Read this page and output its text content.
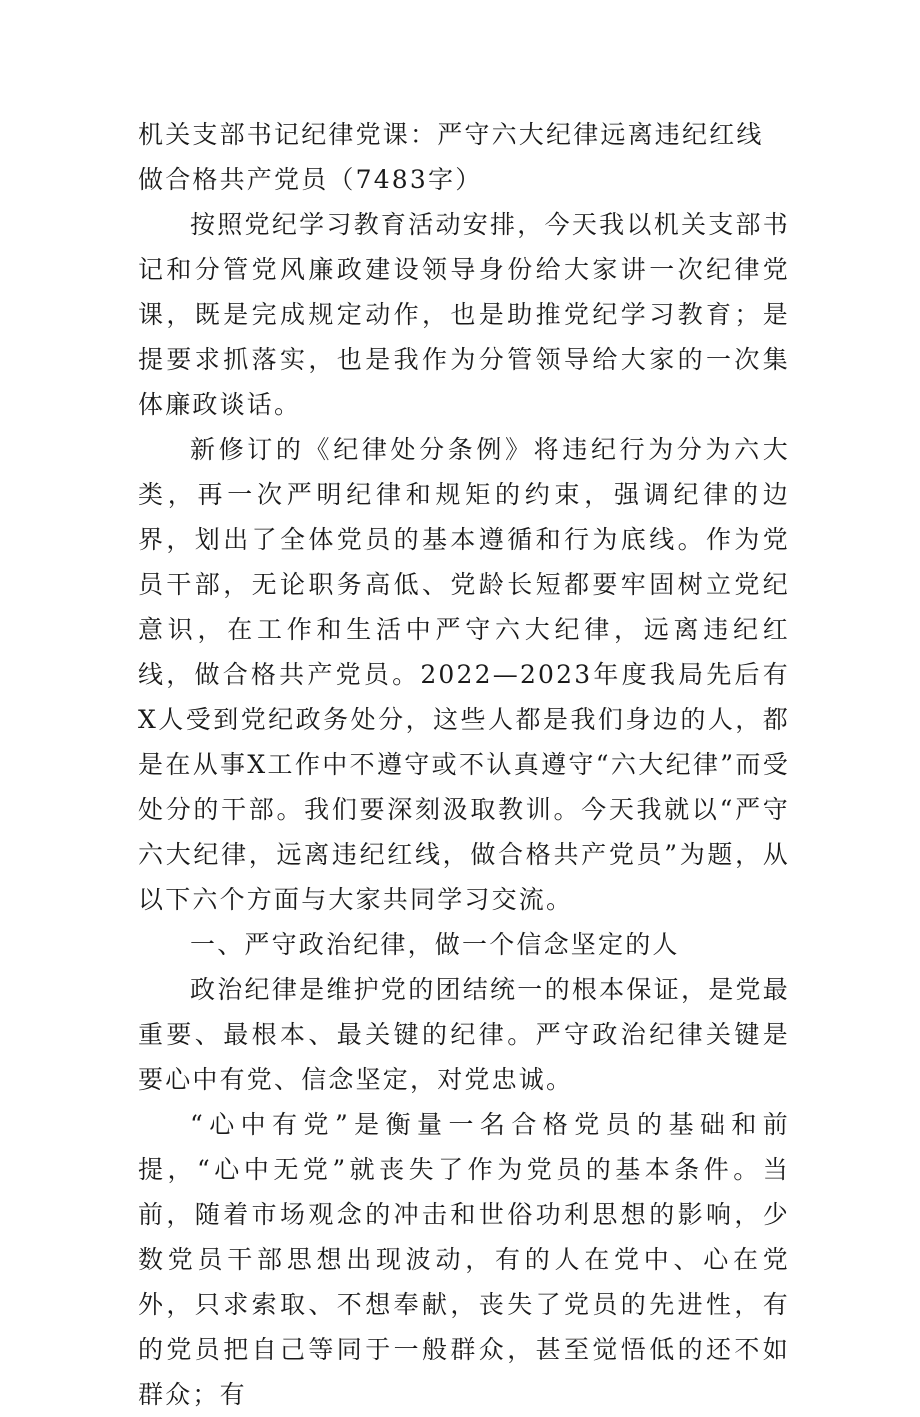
机关支部书记纪律党课：严守六大纪律远离违纪红线做合格共产党员（7483字）

按照党纪学习教育活动安排，今天我以机关支部书记和分管党风廉政建设领导身份给大家讲一次纪律党课，既是完成规定动作，也是助推党纪学习教育；是提要求抓落实，也是我作为分管领导给大家的一次集体廉政谈话。

新修订的《纪律处分条例》将违纪行为分为六大类，再一次严明纪律和规矩的约束，强调纪律的边界，划出了全体党员的基本遵循和行为底线。作为党员干部，无论职务高低、党龄长短都要牢固树立党纪意识，在工作和生活中严守六大纪律，远离违纪红线，做合格共产党员。2022—2023年度我局先后有X人受到党纪政务处分，这些人都是我们身边的人，都是在从事X工作中不遵守或不认真遵守“六大纪律”而受处分的干部。我们要深刻汲取教训。今天我就以“严守六大纪律，远离违纪红线，做合格共产党员”为题，从以下六个方面与大家共同学习交流。

一、严守政治纪律，做一个信念坚定的人

政治纪律是维护党的团结统一的根本保证，是党最重要、最根本、最关键的纪律。严守政治纪律关键是要心中有党、信念坚定，对党忠诚。

“心中有党”是衡量一名合格党员的基础和前提，“心中无党”就丧失了作为党员的基本条件。当前，随着市场观念的冲击和世俗功利思想的影响，少数党员干部思想出现波动，有的人在党中、心在党外，只求索取、不想奉献，丧失了党员的先进性，有的党员把自己等同于一般群众，甚至觉悟低的还不如群众；有
